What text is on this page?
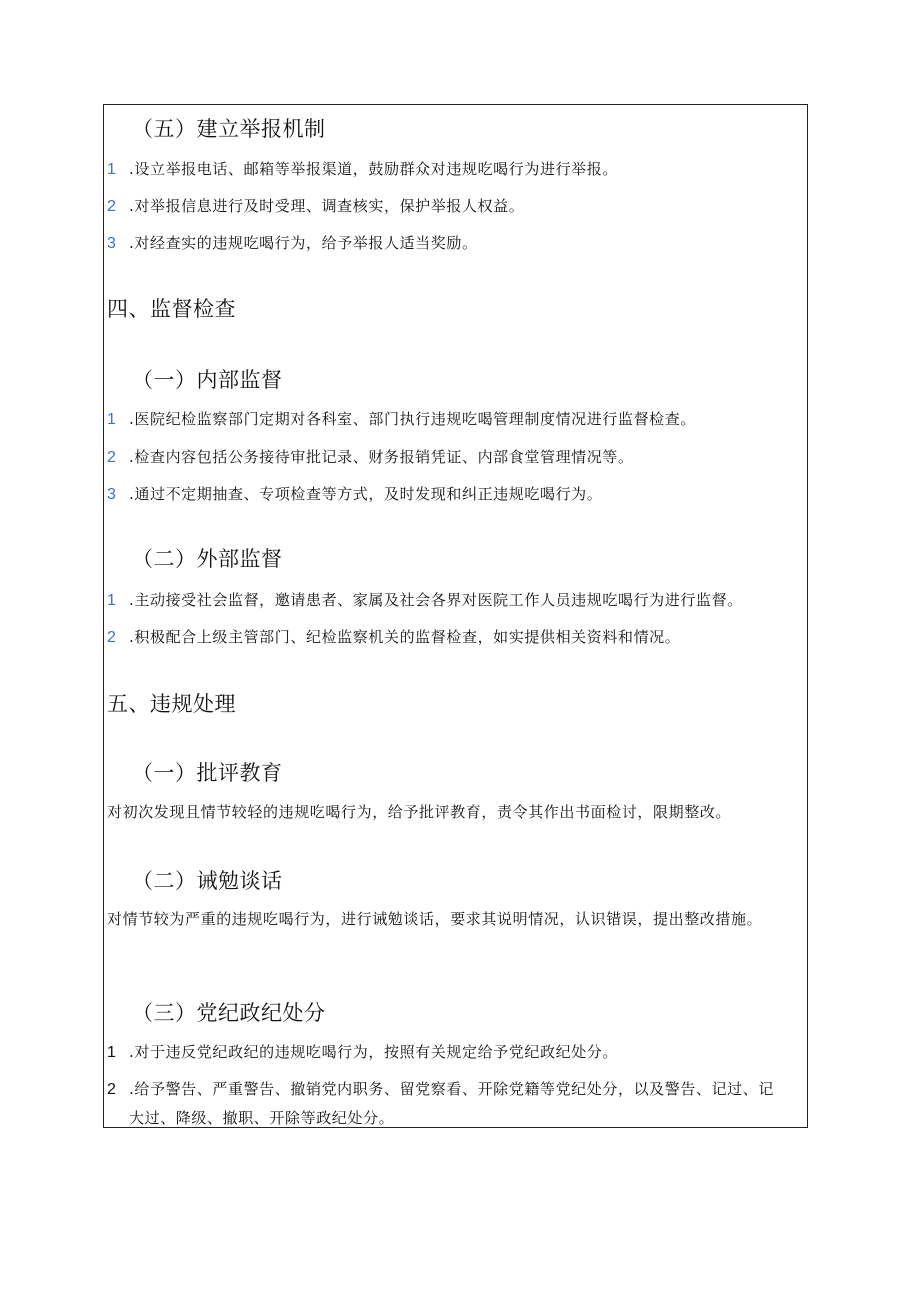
（五）建立举报机制
1 .设立举报电话、邮箱等举报渠道，鼓励群众对违规吃喝行为进行举报。
2 .对举报信息进行及时受理、调查核实，保护举报人权益。
3 .对经查实的违规吃喝行为，给予举报人适当奖励。
四、监督检查
（一）内部监督
1 .医院纪检监察部门定期对各科室、部门执行违规吃喝管理制度情况进行监督检查。
2 .检查内容包括公务接待审批记录、财务报销凭证、内部食堂管理情况等。
3 .通过不定期抽查、专项检查等方式，及时发现和纠正违规吃喝行为。
（二）外部监督
1 .主动接受社会监督，邀请患者、家属及社会各界对医院工作人员违规吃喝行为进行监督。
2 .积极配合上级主管部门、纪检监察机关的监督检查，如实提供相关资料和情况。
五、违规处理
（一）批评教育
对初次发现且情节较轻的违规吃喝行为，给予批评教育，责令其作出书面检讨，限期整改。
（二）诫勉谈话
对情节较为严重的违规吃喝行为，进行诫勉谈话，要求其说明情况，认识错误，提出整改措施。
（三）党纪政纪处分
1 .对于违反党纪政纪的违规吃喝行为，按照有关规定给予党纪政纪处分。
2 .给予警告、严重警告、撤销党内职务、留党察看、开除党籍等党纪处分，以及警告、记过、记大过、降级、撤职、开除等政纪处分。
